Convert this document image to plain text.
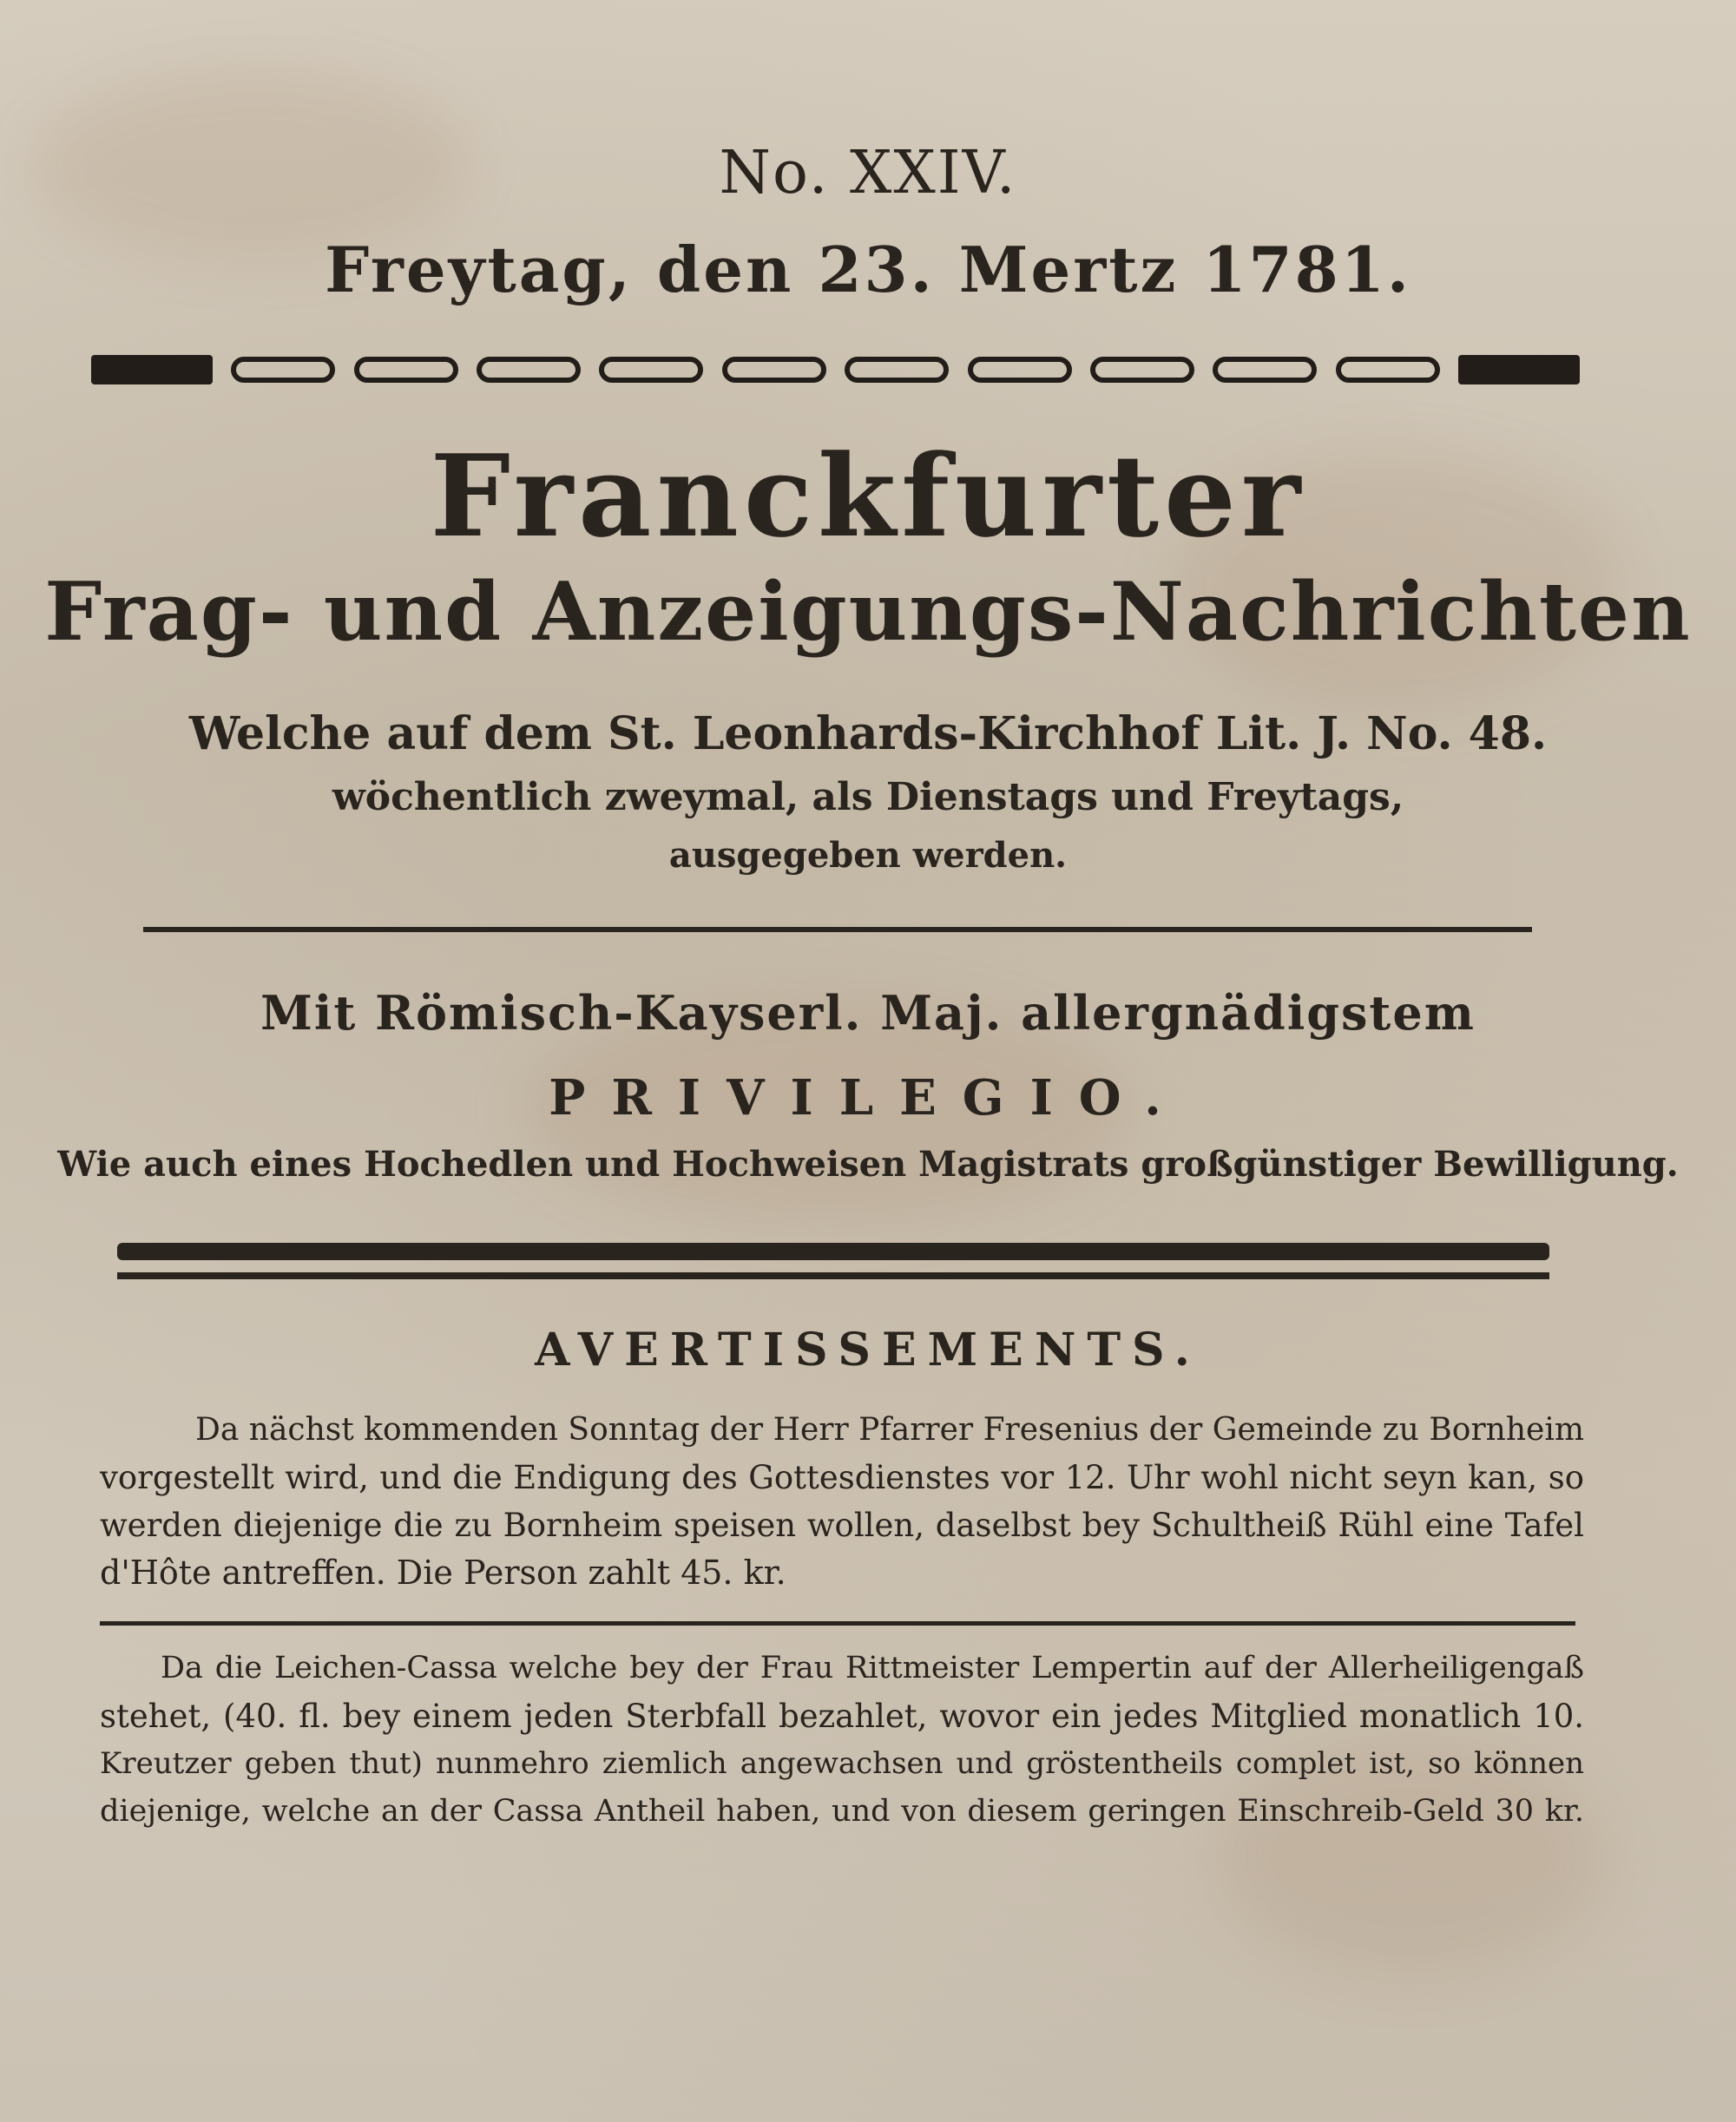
No. XXIV.
Freytag, den 23. Mertz 1781.
Franckfurter
Frag- und Anzeigungs-Nachrichten
Welche auf dem St. Leonhards-Kirchhof Lit. J. No. 48.
wöchentlich zweymal, als Dienstags und Freytags,
ausgegeben werden.
Mit Römisch-Kayserl. Maj. allergnädigstem
PRIVILEGIO.
Wie auch eines Hochedlen und Hochweisen Magistrats großgünstiger Bewilligung.
AVERTISSEMENTS.
Da nächst kommenden Sonntag der Herr Pfarrer Fresenius der Gemeinde zu Bornheim
vorgestellt wird, und die Endigung des Gottesdienstes vor 12. Uhr wohl nicht seyn kan, so
werden diejenige die zu Bornheim speisen wollen, daselbst bey Schultheiß Rühl eine Tafel
d'Hôte antreffen. Die Person zahlt 45. kr.
Da die Leichen-Cassa welche bey der Frau Rittmeister Lempertin auf der Allerheiligengaß
stehet, (40. fl. bey einem jeden Sterbfall bezahlet, wovor ein jedes Mitglied monatlich 10.
Kreutzer geben thut) nunmehro ziemlich angewachsen und gröstentheils complet ist, so können
diejenige, welche an der Cassa Antheil haben, und von diesem geringen Einschreib-Geld 30 kr.
